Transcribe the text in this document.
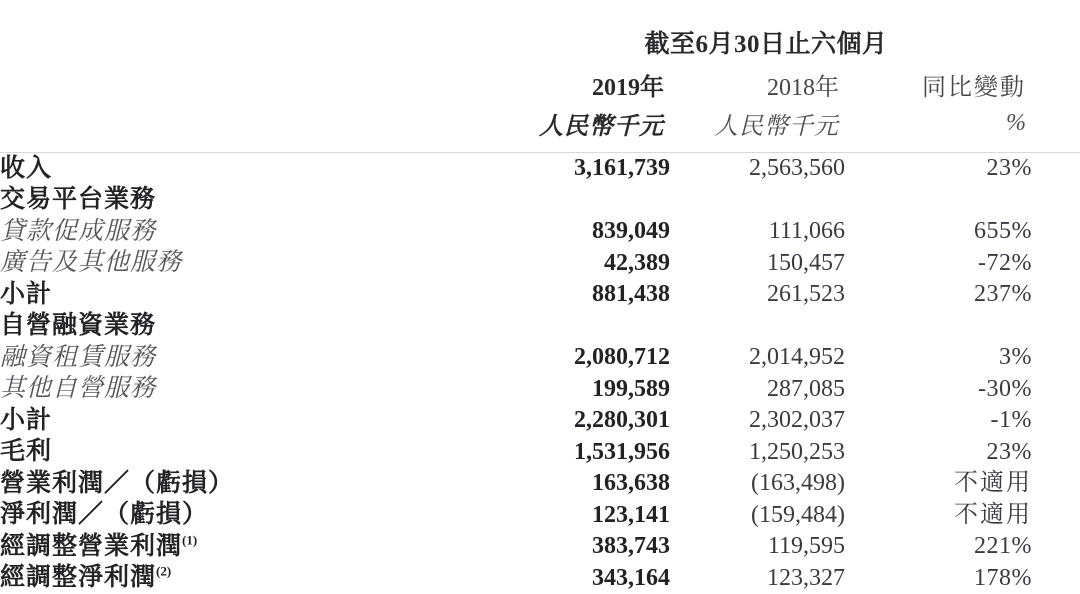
	截至6月30日止六個月			
	2019年	2018年	同比變動	
	人民幣千元	人民幣千元	%	

收入	3,161,739	2,563,560	23%	
交易平台業務				
貸款促成服務	839,049	111,066	655%	
廣告及其他服務	42,389	150,457	-72%	
小計	881,438	261,523	237%	
自營融資業務				
融資租賃服務	2,080,712	2,014,952	3%	
其他自營服務	199,589	287,085	-30%	
小計	2,280,301	2,302,037	-1%	
毛利	1,531,956	1,250,253	23%	
營業利潤／（虧損）	163,638	(163,498)	不適用	
淨利潤／（虧損）	123,141	(159,484)	不適用	
經調整營業利潤$^{(1)}$	383,743	119,595	221%	
經調整淨利潤$^{(2)}$	343,164	123,327	178%	
